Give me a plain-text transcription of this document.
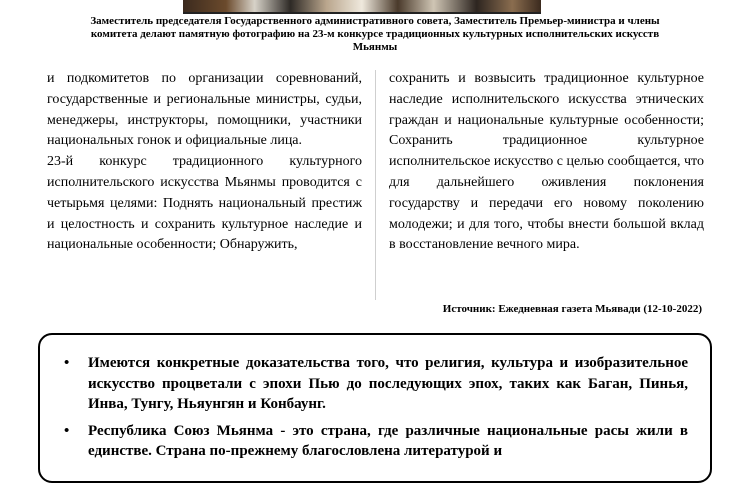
Заместитель председателя Государственного административного совета, Заместитель Премьер-министра и члены комитета делают памятную фотографию на 23-м конкурсе традиционных культурных исполнительских искусств Мьянмы

и подкомитетов по организации соревнований, государственные и региональные министры, судьи, менеджеры, инструкторы, помощники, участники национальных гонок и официальные лица.

23-й конкурс традиционного культурного исполнительского искусства Мьянмы проводится с четырьмя целями: Поднять национальный престиж и целостность и сохранить культурное наследие и национальные особенности; Обнаружить,

сохранить и возвысить традиционное культурное наследие исполнительского искусства этнических граждан и национальные культурные особенности; Сохранить традиционное культурное исполнительское искусство с целью сообщается, что для дальнейшего оживления поклонения государству и передачи его новому поколению молодежи; и для того, чтобы внести большой вклад в восстановление вечного мира.

Источник: Ежедневная газета Мьявади (12-10-2022)
• Имеются конкретные доказательства того, что религия, культура и изобразительное искусство процветали с эпохи Пью до последующих эпох, таких как Баган, Пинья, Инва, Тунгу, Ньяунгян и Конбаунг.
• Республика Союз Мьянма - это страна, где различные национальные расы жили в единстве. Страна по-прежнему благословлена литературой и
